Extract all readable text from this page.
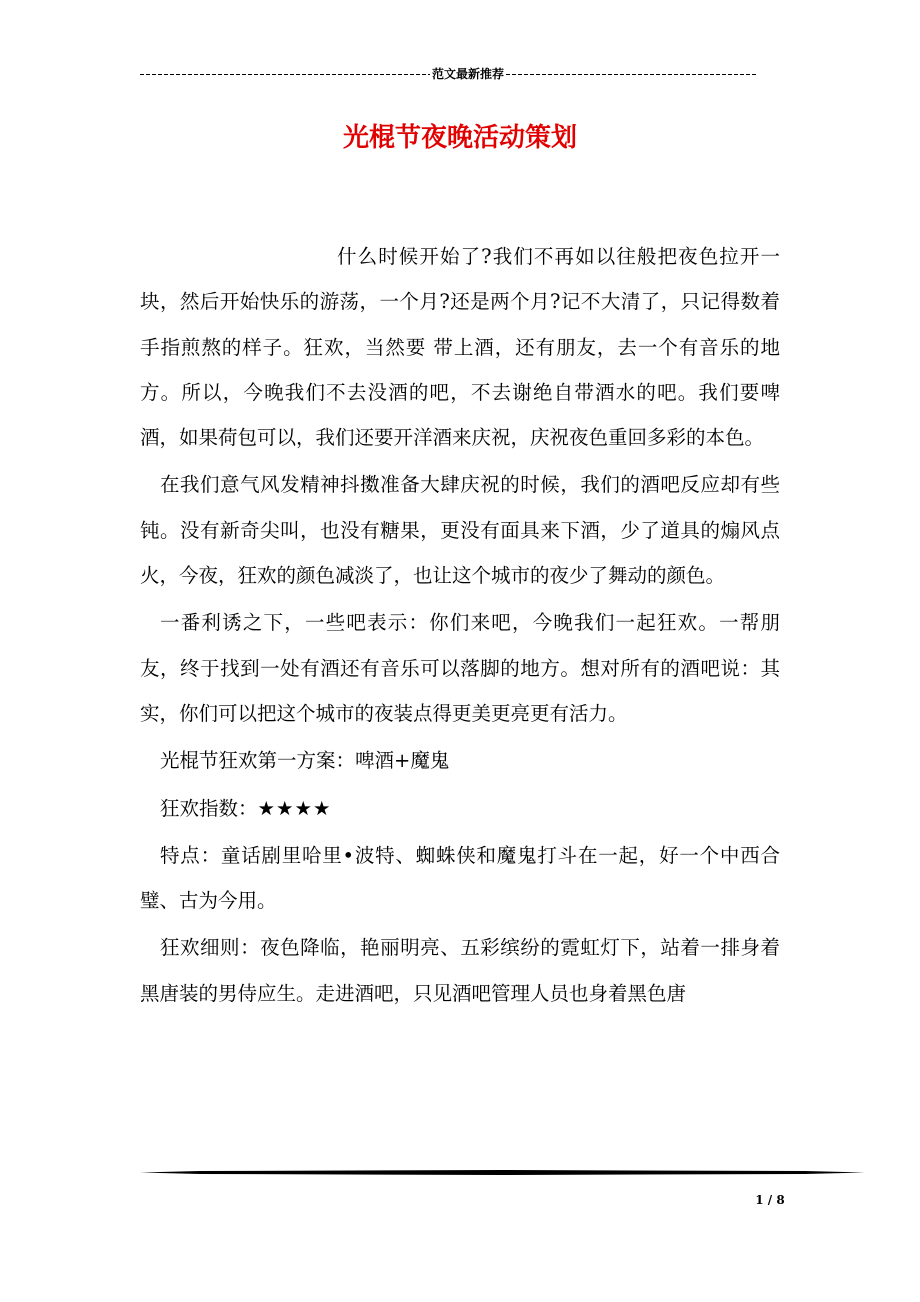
范文最新推荐
光棍节夜晚活动策划

什么时候开始了?我们不再如以往般把夜色拉开一块，然后开始快乐的游荡，一个月?还是两个月?记不大清了，只记得数着手指煎熬的样子。狂欢，当然要 带上酒，还有朋友，去一个有音乐的地方。所以，今晚我们不去没酒的吧，不去谢绝自带酒水的吧。我们要啤酒，如果荷包可以，我们还要开洋酒来庆祝，庆祝夜色重回多彩的本色。

在我们意气风发精神抖擞准备大肆庆祝的时候，我们的酒吧反应却有些钝。没有新奇尖叫，也没有糖果，更没有面具来下酒，少了道具的煽风点火，今夜，狂欢的颜色减淡了，也让这个城市的夜少了舞动的颜色。

一番利诱之下，一些吧表示：你们来吧，今晚我们一起狂欢。一帮朋友，终于找到一处有酒还有音乐可以落脚的地方。想对所有的酒吧说：其实，你们可以把这个城市的夜装点得更美更亮更有活力。

光棍节狂欢第一方案：啤酒+魔鬼

狂欢指数：★★★★

特点：童话剧里哈里•波特、蜘蛛侠和魔鬼打斗在一起，好一个中西合璧、古为今用。

狂欢细则：夜色降临，艳丽明亮、五彩缤纷的霓虹灯下，站着一排身着黑唐装的男侍应生。走进酒吧，只见酒吧管理人员也身着黑色唐

1 / 8
